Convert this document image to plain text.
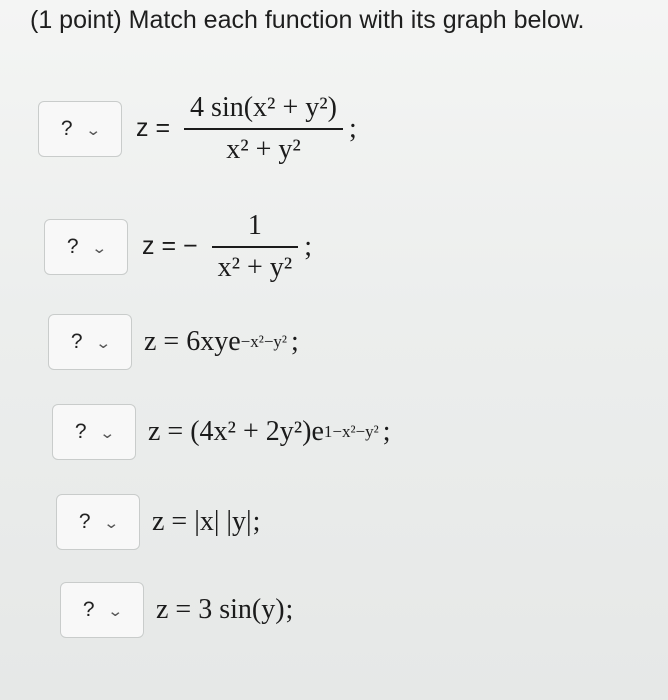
(1 point) Match each function with its graph below.
? ⌄ $z = \frac{\text{4 sin(x² + y²)}}{\text{x² + y²}}$ ;
? ⌄ z = − $\frac{1}{\text{x² + y²}}$ ;
? ⌄ z = 6xye −x²−y² ;
? ⌄ z = (4x² + 2y²)e 1−x²−y² ;
? ⌄ z = |x| |y| ;
? ⌄ z = 3 sin(y) ;
